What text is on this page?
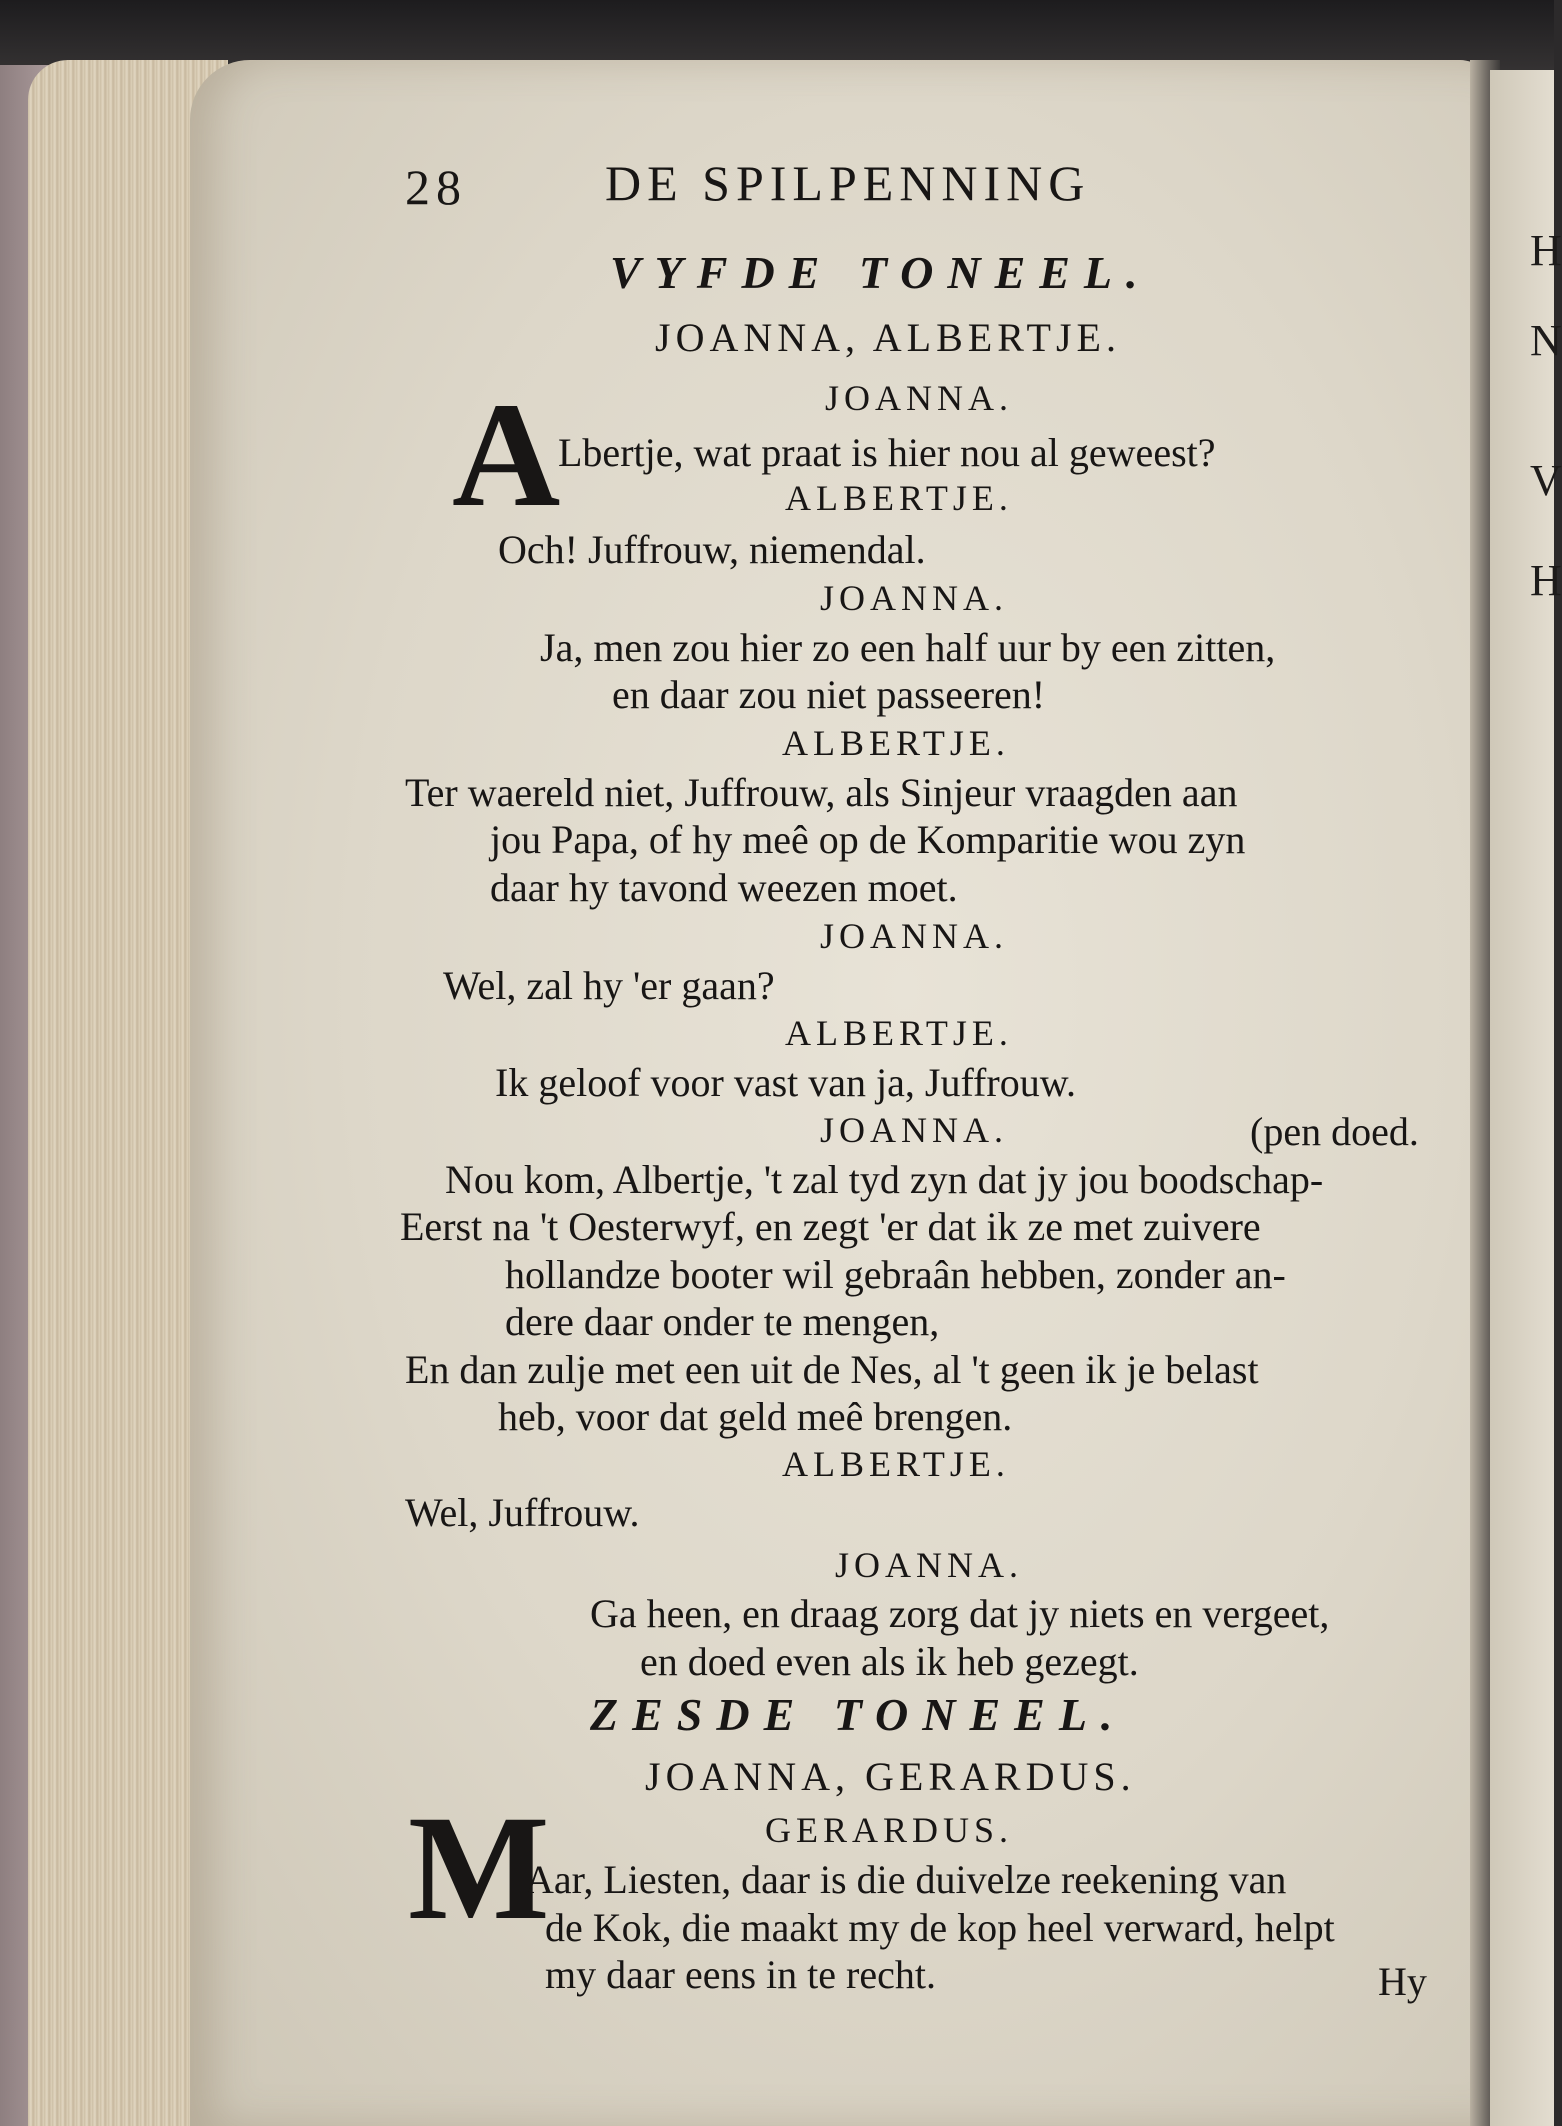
H
N
V
H
28	DE SPILPENNING
VYFDE TONEEL.
JOANNA, ALBERTJE.
JOANNA.
A
Lbertje, wat praat is hier nou al geweest?
ALBERTJE.
Och! Juffrouw, niemendal.
JOANNA.
Ja, men zou hier zo een half uur by een zitten,
en daar zou niet passeeren!
ALBERTJE.
Ter waereld niet, Juffrouw, als Sinjeur vraagden aan
jou Papa, of hy meê op de Komparitie wou zyn
daar hy tavond weezen moet.
JOANNA.
Wel, zal hy 'er gaan?
ALBERTJE.
Ik geloof voor vast van ja, Juffrouw.
JOANNA.	(pen doed.
Nou kom, Albertje, 't zal tyd zyn dat jy jou boodschap-
Eerst na 't Oesterwyf, en zegt 'er dat ik ze met zuivere
hollandze booter wil gebraân hebben, zonder an-
dere daar onder te mengen,
En dan zulje met een uit de Nes, al 't geen ik je belast
heb, voor dat geld meê brengen.
ALBERTJE.
Wel, Juffrouw.
JOANNA.
Ga heen, en draag zorg dat jy niets en vergeet,
en doed even als ik heb gezegt.
ZESDE TONEEL.
JOANNA, GERARDUS.
GERARDUS.
M
Aar, Liesten, daar is die duivelze reekening van
de Kok, die maakt my de kop heel verward, helpt
my daar eens in te recht.	Hy
